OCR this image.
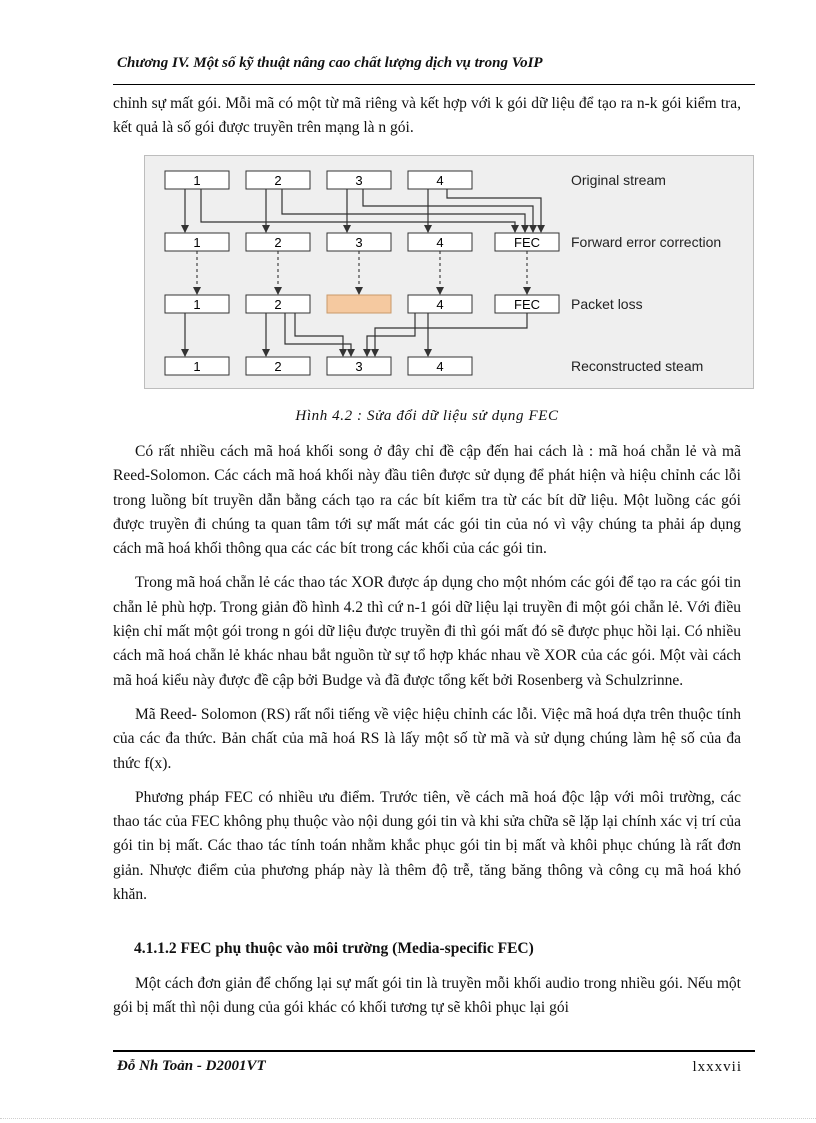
Chương IV. Một số kỹ thuật nâng cao chất lượng dịch vụ trong VoIP

chỉnh sự mất gói. Mỗi mã có một từ mã riêng và kết hợp với k gói dữ liệu để tạo ra n-k gói kiểm tra, kết quả là số gói được truyền trên mạng là n gói.

1	2	3	4	Original stream
1	2	3	4	FEC Forward error correction
1	2	4	FEC Packet loss
1	2	3	4	Reconstructed steam
Hình 4.2 : Sửa đổi dữ liệu sử dụng FEC

Có rất nhiều cách mã hoá khối song ở đây chỉ đề cập đến hai cách là : mã hoá chẵn lẻ và mã Reed-Solomon. Các cách mã hoá khối này đầu tiên được sử dụng để phát hiện và hiệu chỉnh các lỗi trong luồng bít truyền dẫn bằng cách tạo ra các bít kiểm tra từ các bít dữ liệu. Một luồng các gói được truyền đi chúng ta quan tâm tới sự mất mát các gói tin của nó vì vậy chúng ta phải áp dụng cách mã hoá khối thông qua các các bít trong các khối của các gói tin.

Trong mã hoá chẵn lẻ các thao tác XOR được áp dụng cho một nhóm các gói để tạo ra các gói tin chẵn lẻ phù hợp. Trong giản đồ hình 4.2 thì cứ n-1 gói dữ liệu lại truyền đi một gói chẵn lẻ. Với điều kiện chỉ mất một gói trong n gói dữ liệu được truyền đi thì gói mất đó sẽ được phục hồi lại. Có nhiều cách mã hoá chẵn lẻ khác nhau bắt nguồn từ sự tổ hợp khác nhau về XOR của các gói. Một vài cách mã hoá kiểu này được đề cập bởi Budge và đã được tổng kết bởi Rosenberg và Schulzrinne.

Mã Reed- Solomon (RS) rất nổi tiếng về việc hiệu chỉnh các lỗi. Việc mã hoá dựa trên thuộc tính của các đa thức. Bản chất của mã hoá RS là lấy một số từ mã và sử dụng chúng làm hệ số của đa thức f(x).

Phương pháp FEC có nhiều ưu điểm. Trước tiên, về cách mã hoá độc lập với môi trường, các thao tác của FEC không phụ thuộc vào nội dung gói tin và khi sửa chữa sẽ lặp lại chính xác vị trí của gói tin bị mất. Các thao tác tính toán nhằm khắc phục gói tin bị mất và khôi phục chúng là rất đơn giản. Nhược điểm của phương pháp này là thêm độ trễ, tăng băng thông và công cụ mã hoá khó khăn.

4.1.1.2 FEC phụ thuộc vào môi trường (Media-specific FEC)

Một cách đơn giản để chống lại sự mất gói tin là truyền mỗi khối audio trong nhiều gói. Nếu một gói bị mất thì nội dung của gói khác có khối tương tự sẽ khôi phục lại gói

Đỗ Nh Toản - D2001VT	lxxxvii
